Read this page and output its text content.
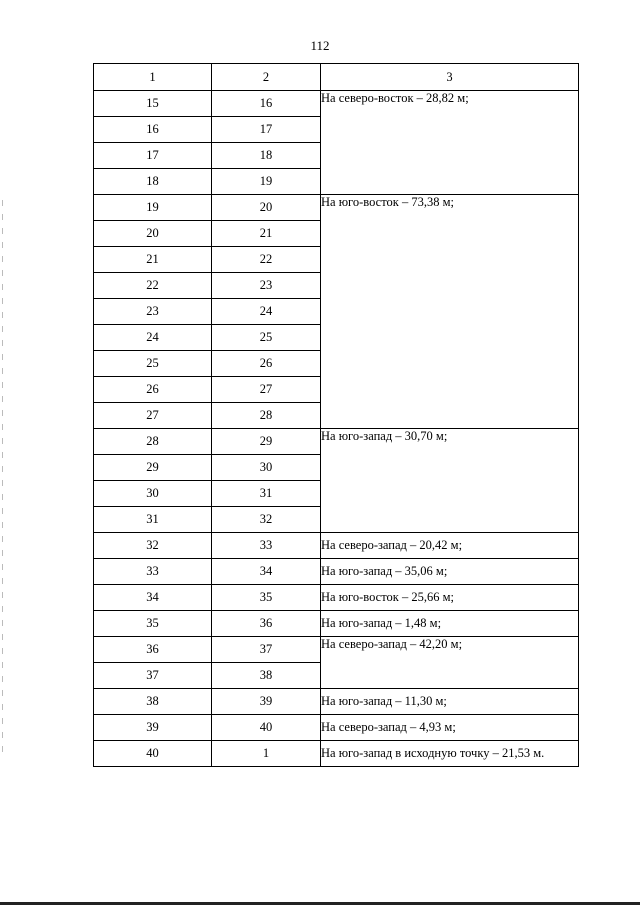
112
1	2	3
15	16	На северо-восток – 28,82 м;
16	17	
17	18	
18	19	
19	20	На юго-восток – 73,38 м;
20	21	
21	22	
22	23	
23	24	
24	25	
25	26	
26	27	
27	28	
28	29	На юго-запад – 30,70 м;
29	30	
30	31	
31	32	
32	33	На северо-запад – 20,42 м;
33	34	На юго-запад – 35,06 м;
34	35	На юго-восток – 25,66 м;
35	36	На юго-запад – 1,48 м;
36	37	На северо-запад – 42,20 м;
37	38	
38	39	На юго-запад – 11,30 м;
39	40	На северо-запад – 4,93 м;
40	1	На юго-запад в исходную точку – 21,53 м.
